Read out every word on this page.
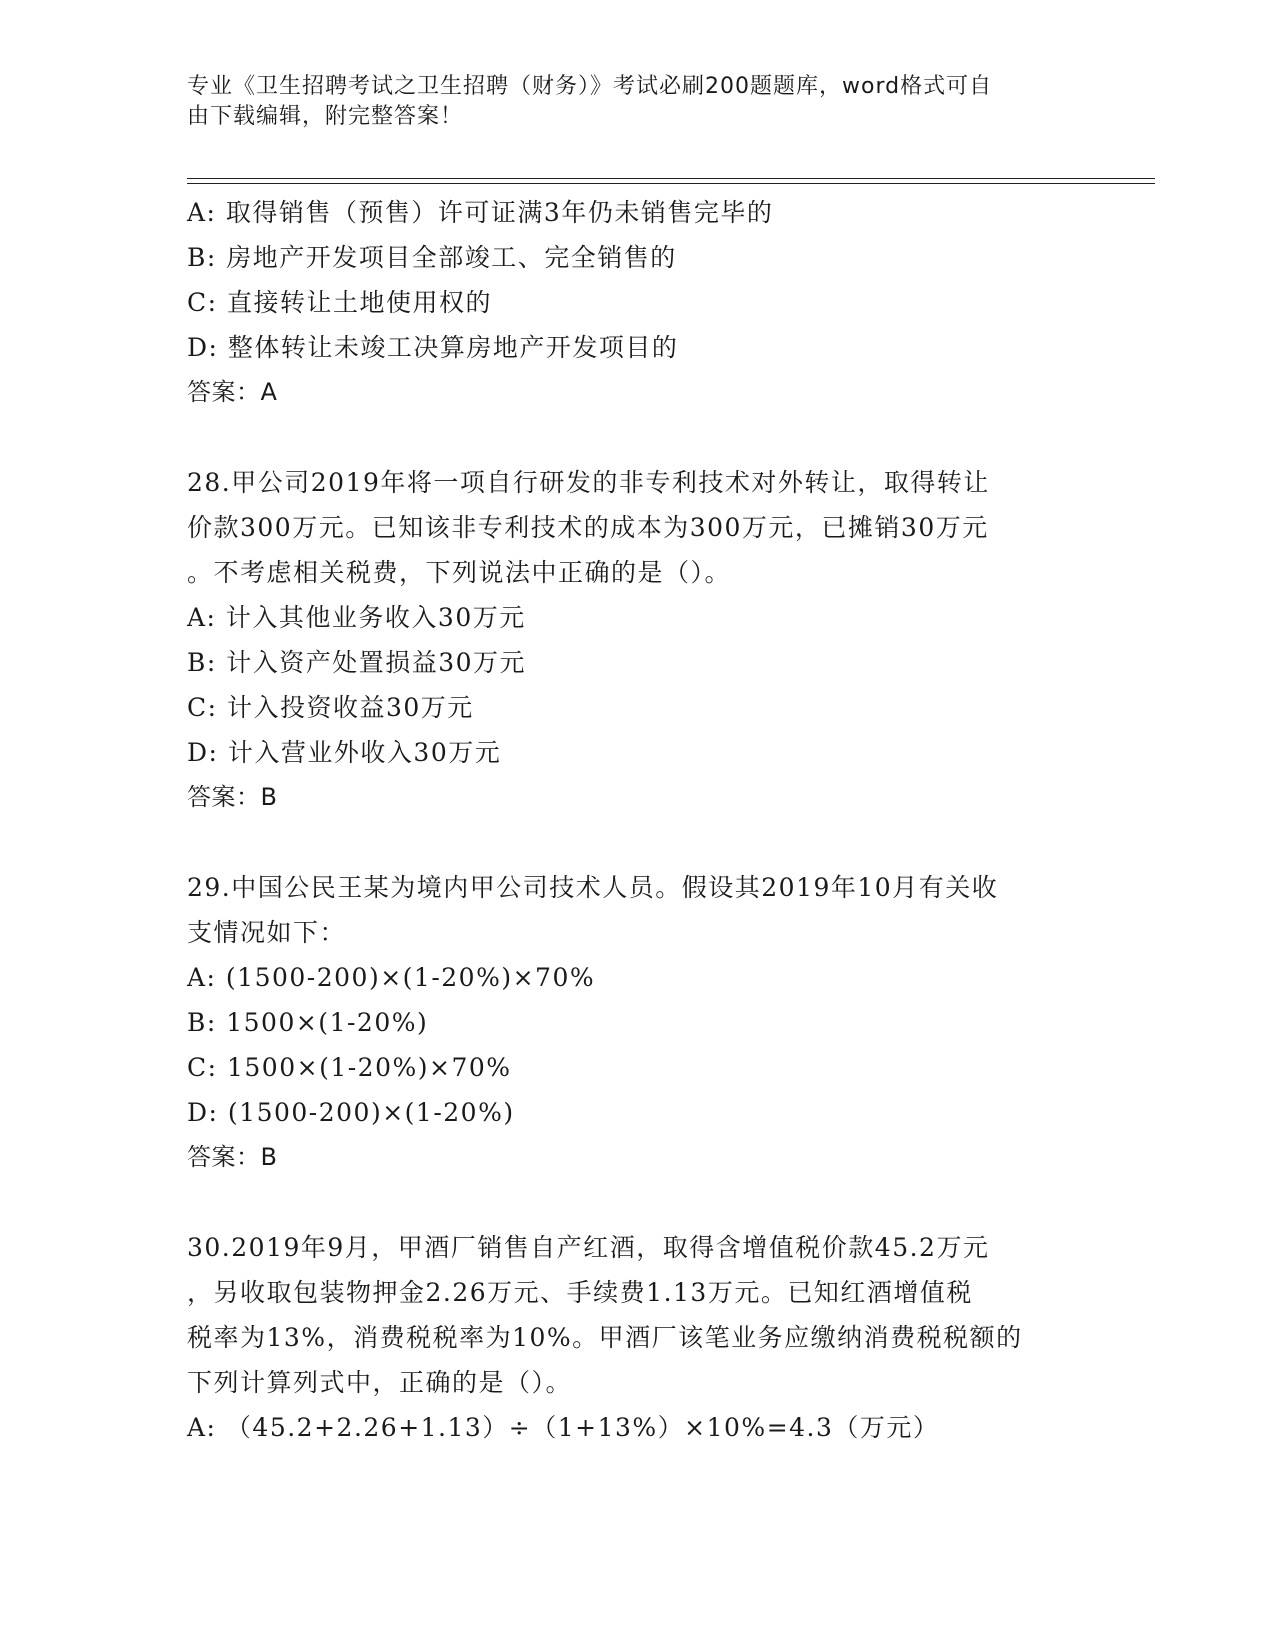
专业《卫生招聘考试之卫生招聘（财务）》考试必刷200题题库，word格式可自
由下载编辑，附完整答案！
A: 取得销售（预售）许可证满3年仍未销售完毕的
B: 房地产开发项目全部竣工、完全销售的
C: 直接转让土地使用权的
D: 整体转让未竣工决算房地产开发项目的
答案：A
28.甲公司2019年将一项自行研发的非专利技术对外转让，取得转让
价款300万元。已知该非专利技术的成本为300万元，已摊销30万元
。不考虑相关税费，下列说法中正确的是（）。
A: 计入其他业务收入30万元
B: 计入资产处置损益30万元
C: 计入投资收益30万元
D: 计入营业外收入30万元
答案：B
29.中国公民王某为境内甲公司技术人员。假设其2019年10月有关收
支情况如下：
A: (1500-200)×(1-20%)×70%
B: 1500×(1-20%)
C: 1500×(1-20%)×70%
D: (1500-200)×(1-20%)
答案：B
30.2019年9月，甲酒厂销售自产红酒，取得含增值税价款45.2万元
，另收取包装物押金2.26万元、手续费1.13万元。已知红酒增值税
税率为13%，消费税税率为10%。甲酒厂该笔业务应缴纳消费税税额的
下列计算列式中，正确的是（）。
A: （45.2+2.26+1.13）÷（1+13%）×10%=4.3（万元）
